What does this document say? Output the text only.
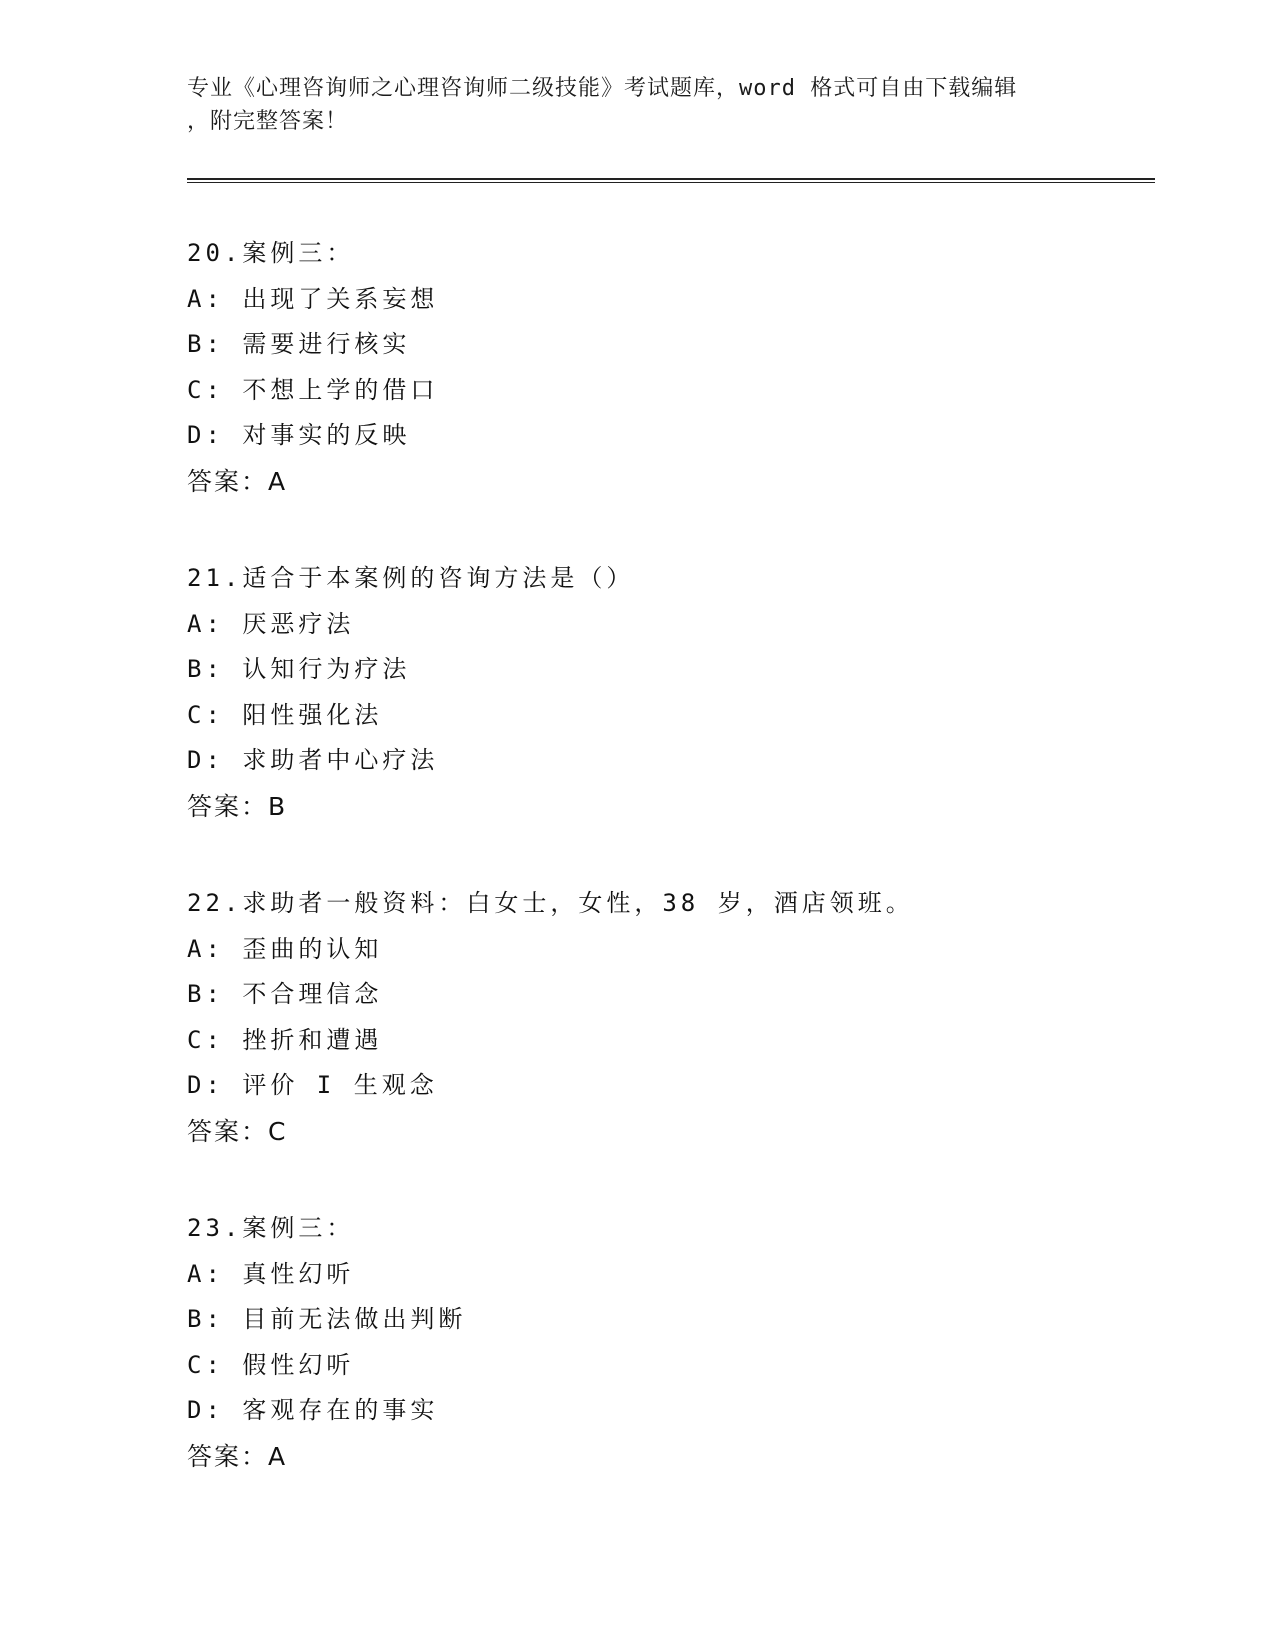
专业《心理咨询师之心理咨询师二级技能》考试题库，word 格式可自由下载编辑
，附完整答案！
20.案例三：
A: 出现了关系妄想
B: 需要进行核实
C: 不想上学的借口
D: 对事实的反映
答案：A
21.适合于本案例的咨询方法是（）
A: 厌恶疗法
B: 认知行为疗法
C: 阳性强化法
D: 求助者中心疗法
答案：B
22.求助者一般资料：白女士，女性，38 岁，酒店领班。
A: 歪曲的认知
B: 不合理信念
C: 挫折和遭遇
D: 评价 I 生观念
答案：C
23.案例三：
A: 真性幻听
B: 目前无法做出判断
C: 假性幻听
D: 客观存在的事实
答案：A
